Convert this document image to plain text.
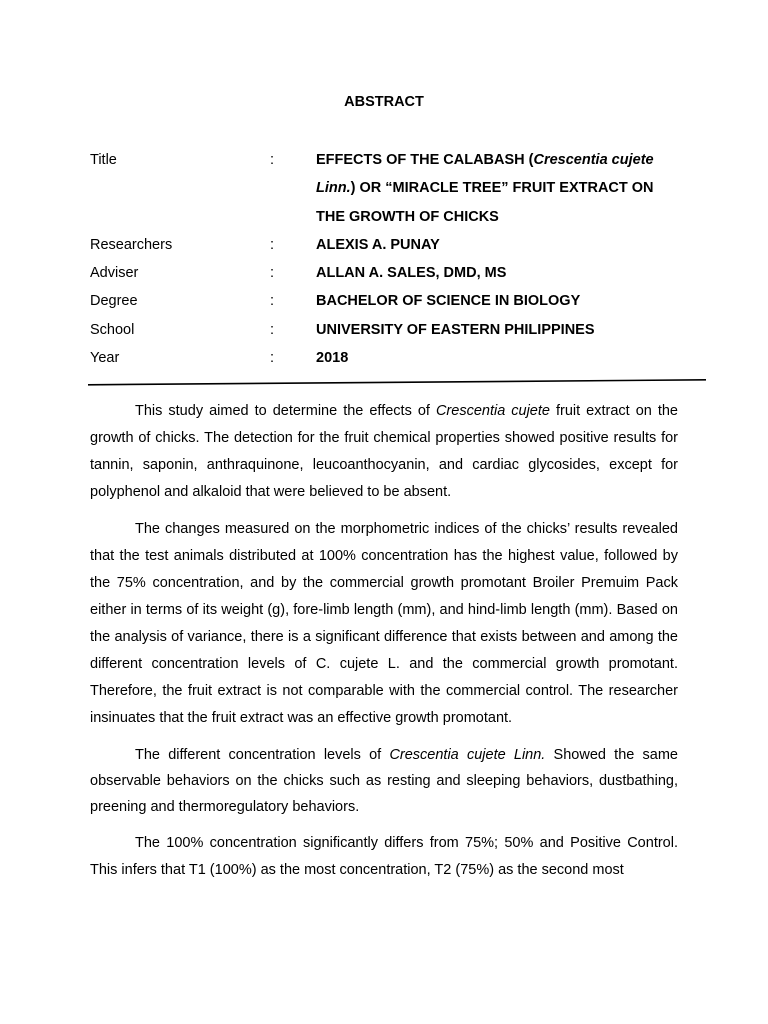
ABSTRACT
Title	:	EFFECTS OF THE CALABASH (Crescentia cujete Linn.) OR “MIRACLE TREE” FRUIT EXTRACT ON THE GROWTH OF CHICKS
Researchers	:	ALEXIS A. PUNAY
Adviser	:	ALLAN A. SALES, DMD, MS
Degree	:	BACHELOR OF SCIENCE IN BIOLOGY
School	:	UNIVERSITY OF EASTERN PHILIPPINES
Year	:	2018

This study aimed to determine the effects of Crescentia cujete fruit extract on the growth of chicks. The detection for the fruit chemical properties showed positive results for tannin, saponin, anthraquinone, leucoanthocyanin, and cardiac glycosides, except for polyphenol and alkaloid that were believed to be absent.

The changes measured on the morphometric indices of the chicks’ results revealed that the test animals distributed at 100% concentration has the highest value, followed by the 75% concentration, and by the commercial growth promotant Broiler Premuim Pack either in terms of its weight (g), fore-limb length (mm), and hind-limb length (mm). Based on the analysis of variance, there is a significant difference that exists between and among the different concentration levels of C. cujete L. and the commercial growth promotant. Therefore, the fruit extract is not comparable with the commercial control. The researcher insinuates that the fruit extract was an effective growth promotant.

The different concentration levels of Crescentia cujete Linn. Showed the same observable behaviors on the chicks such as resting and sleeping behaviors, dustbathing, preening and thermoregulatory behaviors.

The 100% concentration significantly differs from 75%; 50% and Positive Control. This infers that T1 (100%) as the most concentration, T2 (75%) as the second most
